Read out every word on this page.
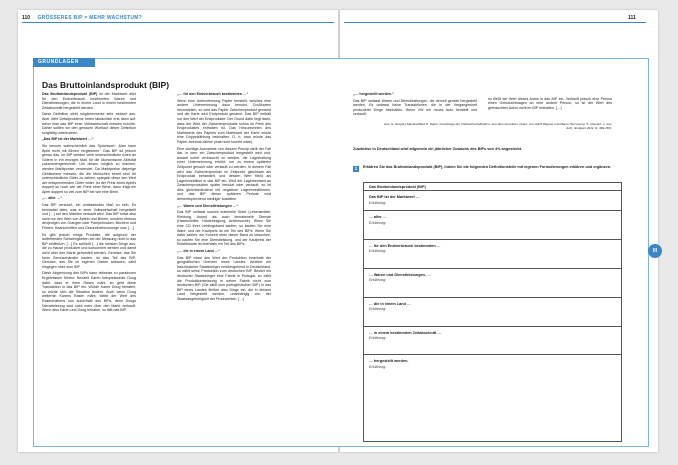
110 GRÖSSERES BIP = MEHR WACHSTUM?	111
GRUNDLAGEN
Das Bruttoinlandsprodukt (BIP)

Das Bruttoinlandsprodukt (BIP) ist der Marktwert aller für den Endverbrauch bestimmten Waren und Dienstleistungen, die in einem Land in einem bestimmten Zeitabschnitt hergestellt werden.

Diese Definition sieht möglicherweise sehr einfach aus. Aber viele Detailprobleme treten tatsächlich erst dann auf, wenn man das BIP einer Volkswirtschaft messen möchte. Daher sollten wir den genauen Wortlaut dieser Definition sorgfältig untersuchen.

„Das BIP ist der Marktwert …“

Sie kennen wahrscheinlich das Sprichwort: „Man kann Äpfel nicht mit Birnen vergleichen.“ Das BIP tut jedoch genau das. Im BIP werden viele unterschiedliche Arten an Gütern in ein einziges Maß für die ökonomische Aktivität zusammengerechnet. Um dieses möglich zu machen, werden Marktpreise verwendet. Da Marktpreise diejenige Geldsumme messen, die die Menschen bereit sind für unterschiedliche Güter zu zahlen, spiegeln diese den Wert der entsprechenden Güter wider. Ist der Preis eines Apfels doppelt so hoch wie der Preis einer Birne, dann trägt ein Apfel doppelt so viel zum BIP bei wie eine Birne.

„… aller …“

Das BIP versucht, ein umfassendes Maß zu sein. Es beinhaltet alles, was in einer Volkswirtschaft hergestellt und […] auf den Märkten verkauft wird. Das BIP misst also nicht nur den Wert von Äpfeln und Birnen, sondern ebenso denjenigen von Orangen oder Pampelmusen, Büchern und Filmen, Haarschnitten und Gesundheitsvorsorge usw. […]

Es gibt jedoch einige Produkte, die aufgrund der auftretenden Schwierigkeiten bei der Messung nicht in das BIP einfließen. […] Es schließt […] die meisten Dinge aus, die zu Hause produziert und konsumiert werden und damit nicht über den Markt gehandelt werden. Gemüse, das Sie beim Gemüsehändler kaufen, ist also Teil des BIP; Gemüse, das Sie im eigenen Garten anbauen, zählt hingegen nicht zum BIP.

Diese Abgrenzung des BIPs kann teilweise zu paradoxen Ergebnissen führen. Bezahlt Karen beispielsweise Doug dafür, dass er ihren Rasen mäht, so geht diese Transaktion in das BIP ein. Würde Karen Doug heiraten, so würde sich die Situation ändern. Auch wenn Doug weiterhin Karens Rasen mäht, bleibt der Wert des Rasenmähens nun außerhalb des BIPs, denn Dougs Dienstleistung wird nicht mehr über den Markt verkauft. Wenn also Karen und Doug heiraten, so fällt das BIP.

„… für den Endverbrauch bestimmten …“

Wenn eine Unternehmung Papier herstellt, welches eine andere Unternehmung dazu benutzt, Grußkarten herzustellen, so wird das Papier Zwischenprodukt genannt und die Karte wird Endprodukt genannt. Das BIP enthält nur den Wert der Endprodukte. Der Grund dafür liegt darin, dass der Wert der Zwischenprodukte schon im Preis des Endproduktes enthalten ist. Das Hinzurechnen des Marktwerts des Papiers zum Marktwert der Karte würde eine Doppelzählung beinhalten. D. h. man würde das Papier zweimal zählen (was nicht korrekt wäre).

Eine wichtige Ausnahme von diesem Prinzip stellt der Fall dar, in dem ein Zwischenprodukt hergestellt wird und, anstatt sofort verbraucht zu werden, die Lagerhaltung einer Unternehmung erhöht, um zu einem späteren Zeitpunkt genutzt oder verkauft zu werden. In diesem Fall wird das Zwischenprodukt im Zeitpunkt gleichsam als Endprodukt behandelt, und dessen Wert fließt als Lagerinvestition in das BIP ein. Wird der Lagerbestand an Zwischenprodukten später benutzt oder verkauft, so ist dies gleichbedeutend mit negativen Lagerinvestitionen, und das BIP dieser späteren Periode wird dementsprechend niedriger ausfallen.

„… Waren und Dienstleistungen …“

Das BIP umfasst sowohl materielle Güter (Lebensmittel, Kleidung, Autos) als auch immaterielle Dienste (Haarschnitte, Hausreinigung, Arztbesuche). Wenn Sie eine CD Ihrer Lieblingsband kaufen, so kaufen Sie eine Ware, und der Kaufpreis ist ein Teil des BIPs. Wenn Sie dafür zahlen, ein Konzert eben dieser Band zu besuchen, so kaufen Sie eine Dienstleistung, und der Kaufpreis der Eintrittskarte ist ebenfalls ein Teil des BIPs.

„… die in einem Land …“

Das BIP misst den Wert der Produktion innerhalb der geografischen Grenzen eines Landes. Arbeitet ein französischer Staatsbürger vorübergehend in Deutschland, so zählt seine Produktion zum deutschen BIP. Besitzt ein deutscher Staatsbürger eine Fabrik in Portugal, so zählt die Produktionsleistung in seiner Fabrik nicht zum deutschen BIP. (Sie zählt zum portugiesischen BIP.) In das BIP eines Landes fließen also Dinge ein, die in diesem Land hergestellt werden, unabhängig von der Staatsangehörigkeit der Produzenten. […]

„… hergestellt werden.“

Das BIP umfasst Waren und Dienstleistungen, die derzeit gerade hergestellt werden. Es umfasst keine Transaktionen, die in der Vergangenheit produzierte Dinge beinhalten. Wenn VW ein neues Auto herstellt und verkauft,

so fließt der Wert dieses Autos in das BIP ein. Verkauft jedoch eine Person einen Gebrauchtwagen an eine andere Person, so ist der Wert des gebrauchten Autos nicht im BIP enthalten. […]

Aus: N. Gregory Mankiw/Mark P. Taylor: Grundzüge der Volkswirtschaftslehre. Aus dem Amerikan. übertr. von Adolf Wagner und Marco Herrmann). 5., überarb. u. erw. Aufl., Stuttgart 2012, S. 499–501.
Zuwächse in Deutschland wird allgemein ein jährlicher Zuwachs des BIPs von 4% angestrebt.
1	Erklären Sie das Bruttoinlandsprodukt (BIP), indem Sie die folgenden Definitionsteile mit eigenen Formulierungen erklären und ergänzen.
Das Bruttoinlandsprodukt (BIP)
Das BIP ist der Marktwert …
Erklärung:
… aller …
Erklärung:
… für den Endverbrauch bestimmten …
Erklärung:
… Waren und Dienstleistungen, …
Erklärung:
… die in einem Land …
Erklärung:
… in einem bestimmten Zeitabschnitt …
Erklärung:
… hergestellt werden.
Erklärung:
III
